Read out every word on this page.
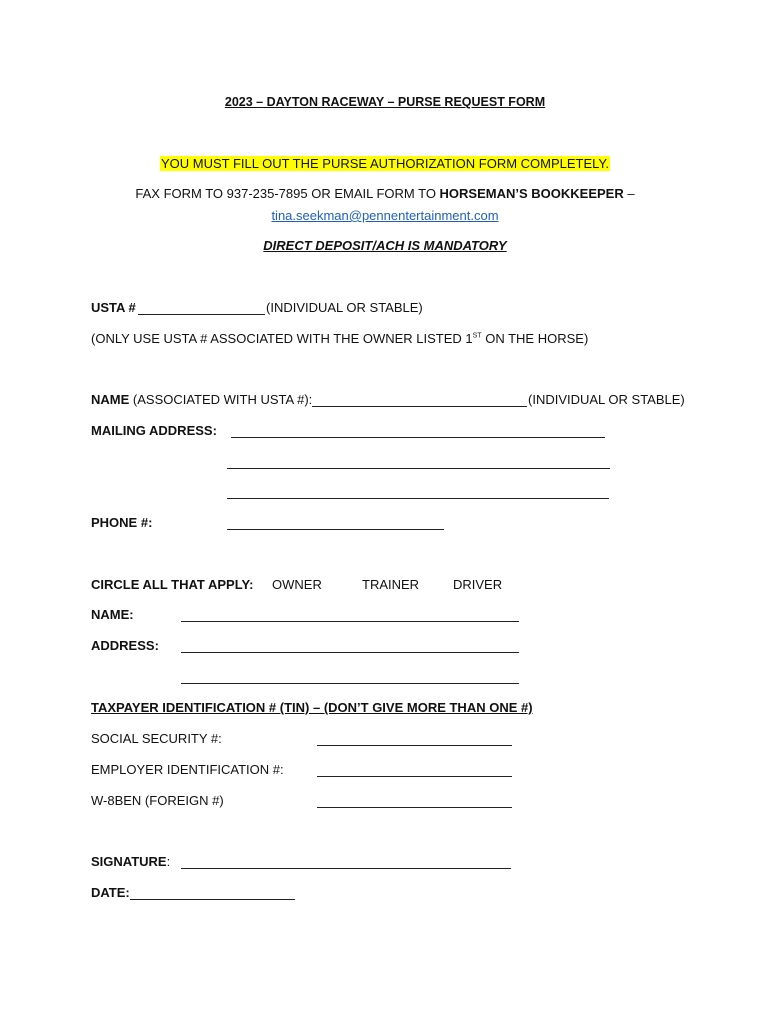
2023 – DAYTON RACEWAY – PURSE REQUEST FORM
YOU MUST FILL OUT THE PURSE AUTHORIZATION FORM COMPLETELY.
FAX FORM TO 937-235-7895 OR EMAIL FORM TO HORSEMAN’S BOOKKEEPER –
tina.seekman@pennentertainment.com
DIRECT DEPOSIT/ACH IS MANDATORY
USTA #	(INDIVIDUAL OR STABLE)
(ONLY USE USTA # ASSOCIATED WITH THE OWNER LISTED 1ST ON THE HORSE)
NAME (ASSOCIATED WITH USTA #):	(INDIVIDUAL OR STABLE)
MAILING ADDRESS:
PHONE #:
CIRCLE ALL THAT APPLY: OWNER	TRAINER	DRIVER
NAME:
ADDRESS:
TAXPAYER IDENTIFICATION # (TIN) – (DON’T GIVE MORE THAN ONE #)
SOCIAL SECURITY #:
EMPLOYER IDENTIFICATION #:
W-8BEN (FOREIGN #)
SIGNATURE:
DATE:
